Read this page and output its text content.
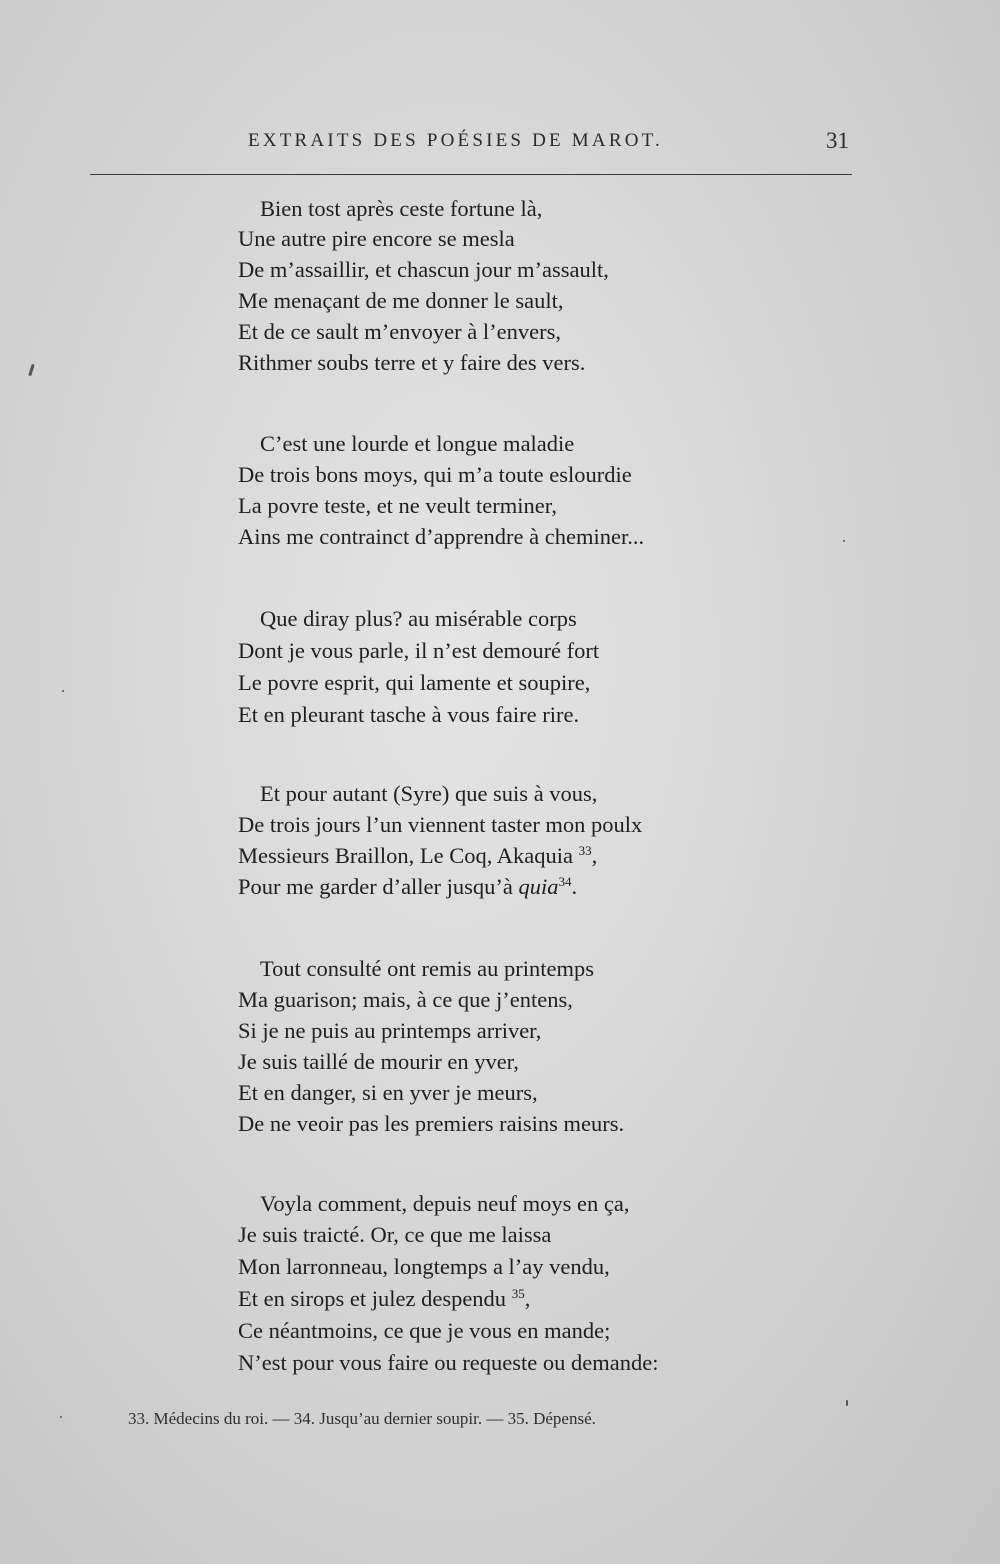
EXTRAITS DES POÉSIES DE MAROT.	31
Bien tost après ceste fortune là,
Une autre pire encore se mesla
De m’assaillir, et chascun jour m’assault,
Me menaçant de me donner le sault,
Et de ce sault m’envoyer à l’envers,
Rithmer soubs terre et y faire des vers.
C’est une lourde et longue maladie
De trois bons moys, qui m’a toute eslourdie
La povre teste, et ne veult terminer,
Ains me contrainct d’apprendre à cheminer...
Que diray plus? au misérable corps
Dont je vous parle, il n’est demouré fort
Le povre esprit, qui lamente et soupire,
Et en pleurant tasche à vous faire rire.
Et pour autant (Syre) que suis à vous,
De trois jours l’un viennent taster mon poulx
Messieurs Braillon, Le Coq, Akaquia $^{33}$,
Pour me garder d’aller jusqu’à quia$^{34}$.
Tout consulté ont remis au printemps
Ma guarison; mais, à ce que j’entens,
Si je ne puis au printemps arriver,
Je suis taillé de mourir en yver,
Et en danger, si en yver je meurs,
De ne veoir pas les premiers raisins meurs.
Voyla comment, depuis neuf moys en ça,
Je suis traicté. Or, ce que me laissa
Mon larronneau, longtemps a l’ay vendu,
Et en sirops et julez despendu $^{35}$,
Ce néantmoins, ce que je vous en mande;
N’est pour vous faire ou requeste ou demande:
33. Médecins du roi. — 34. Jusqu’au dernier soupir. — 35. Dépensé.
